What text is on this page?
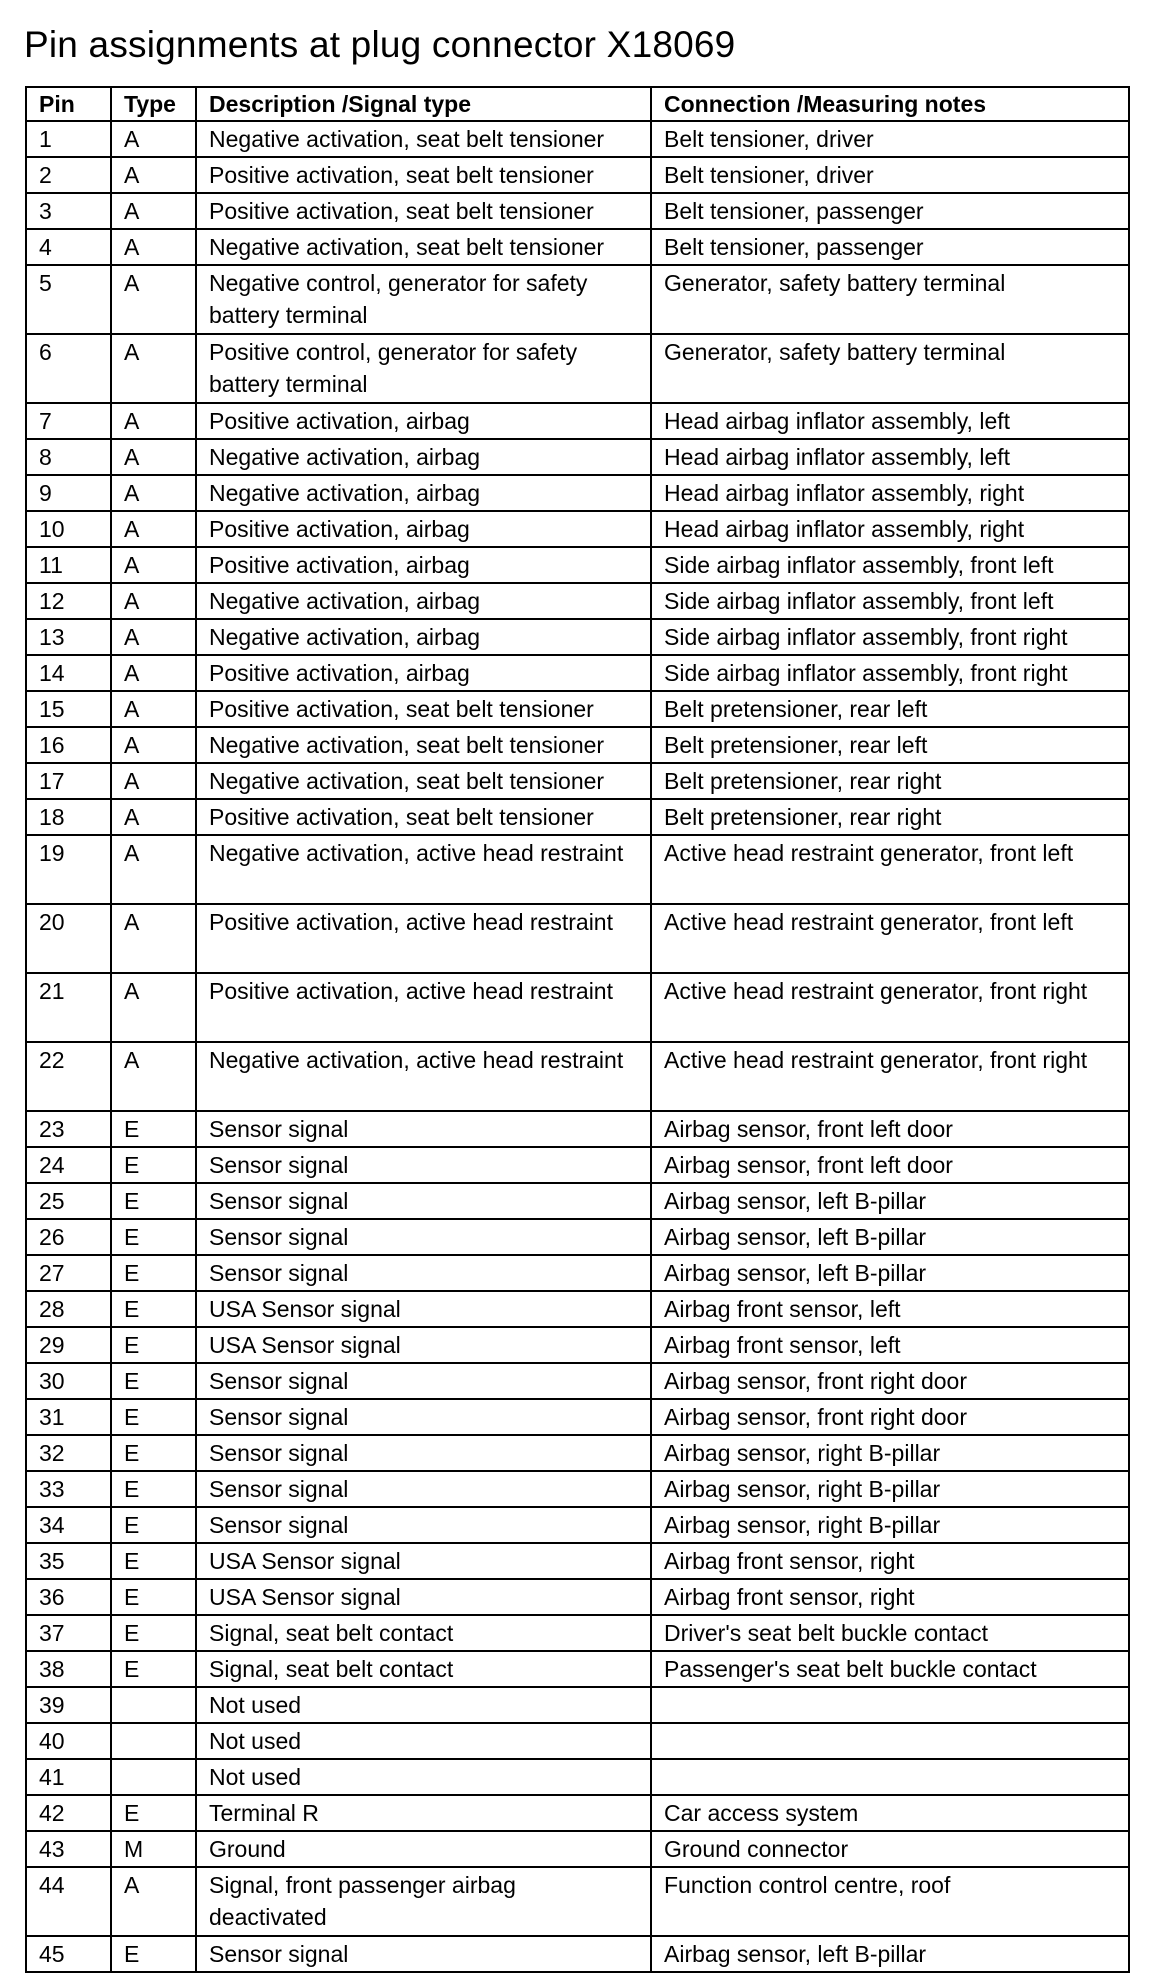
Pin assignments at plug connector X18069
Pin	Type	Description /Signal type	Connection /Measuring notes
1	A	Negative activation, seat belt tensioner	Belt tensioner, driver
2	A	Positive activation, seat belt tensioner	Belt tensioner, driver
3	A	Positive activation, seat belt tensioner	Belt tensioner, passenger
4	A	Negative activation, seat belt tensioner	Belt tensioner, passenger
5	A	Negative control, generator for safety battery terminal	Generator, safety battery terminal
6	A	Positive control, generator for safety battery terminal	Generator, safety battery terminal
7	A	Positive activation, airbag	Head airbag inflator assembly, left
8	A	Negative activation, airbag	Head airbag inflator assembly, left
9	A	Negative activation, airbag	Head airbag inflator assembly, right
10	A	Positive activation, airbag	Head airbag inflator assembly, right
11	A	Positive activation, airbag	Side airbag inflator assembly, front left
12	A	Negative activation, airbag	Side airbag inflator assembly, front left
13	A	Negative activation, airbag	Side airbag inflator assembly, front right
14	A	Positive activation, airbag	Side airbag inflator assembly, front right
15	A	Positive activation, seat belt tensioner	Belt pretensioner, rear left
16	A	Negative activation, seat belt tensioner	Belt pretensioner, rear left
17	A	Negative activation, seat belt tensioner	Belt pretensioner, rear right
18	A	Positive activation, seat belt tensioner	Belt pretensioner, rear right
19	A	Negative activation, active head restraint	Active head restraint generator, front left
20	A	Positive activation, active head restraint	Active head restraint generator, front left
21	A	Positive activation, active head restraint	Active head restraint generator, front right
22	A	Negative activation, active head restraint	Active head restraint generator, front right
23	E	Sensor signal	Airbag sensor, front left door
24	E	Sensor signal	Airbag sensor, front left door
25	E	Sensor signal	Airbag sensor, left B-pillar
26	E	Sensor signal	Airbag sensor, left B-pillar
27	E	Sensor signal	Airbag sensor, left B-pillar
28	E	USA Sensor signal	Airbag front sensor, left
29	E	USA Sensor signal	Airbag front sensor, left
30	E	Sensor signal	Airbag sensor, front right door
31	E	Sensor signal	Airbag sensor, front right door
32	E	Sensor signal	Airbag sensor, right B-pillar
33	E	Sensor signal	Airbag sensor, right B-pillar
34	E	Sensor signal	Airbag sensor, right B-pillar
35	E	USA Sensor signal	Airbag front sensor, right
36	E	USA Sensor signal	Airbag front sensor, right
37	E	Signal, seat belt contact	Driver's seat belt buckle contact
38	E	Signal, seat belt contact	Passenger's seat belt buckle contact
39		Not used	
40		Not used	
41		Not used	
42	E	Terminal R	Car access system
43	M	Ground	Ground connector
44	A	Signal, front passenger airbag deactivated	Function control centre, roof
45	E	Sensor signal	Airbag sensor, left B-pillar
